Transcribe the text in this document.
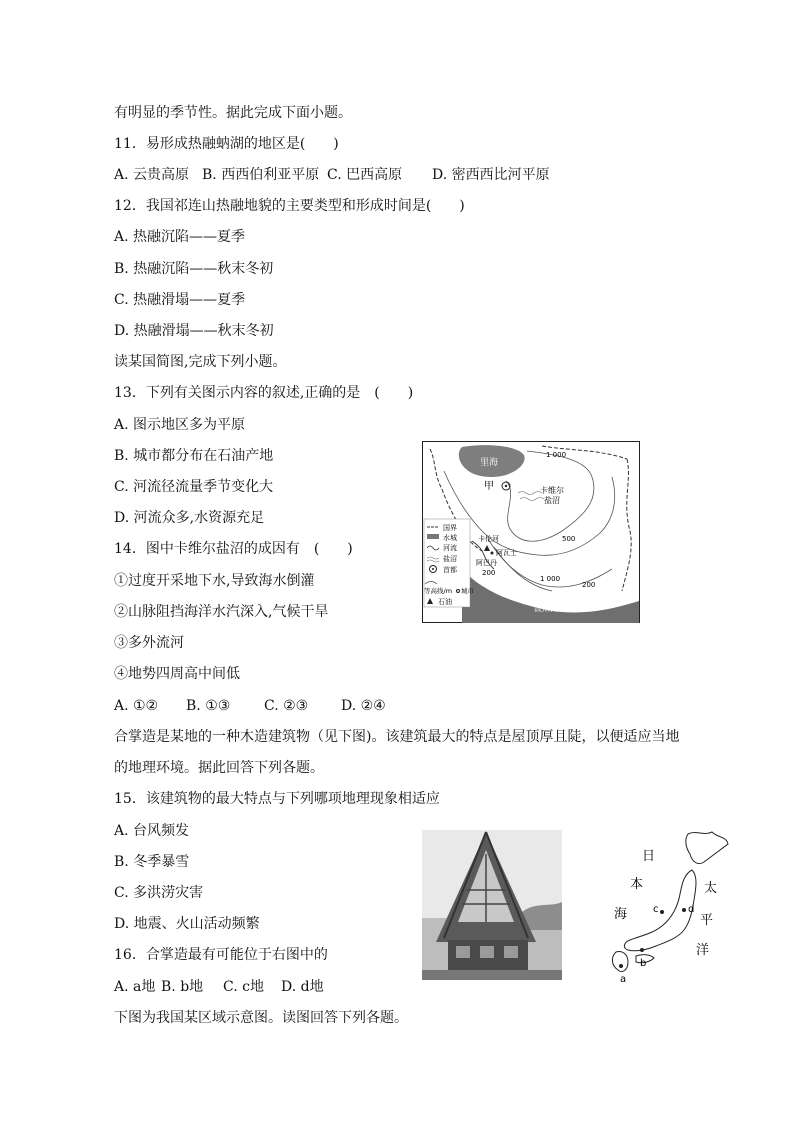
有明显的季节性。据此完成下面小题。
11．易形成热融蚋湖的地区是(　　)
A. 云贵高原 B. 西西伯利亚平原 C. 巴西高原 D. 密西西比河平原
12．我国祁连山热融地貌的主要类型和形成时间是(　　)
A. 热融沉陷——夏季
B. 热融沉陷——秋末冬初
C. 热融滑塌——夏季
D. 热融滑塌——秋末冬初
读某国简图,完成下列小题。
13．下列有关图示内容的叙述,正确的是　(　　)
A. 图示地区多为平原
B. 城市都分布在石油产地
C. 河流径流量季节变化大
D. 河流众多,水资源充足
14．图中卡维尔盐沼的成因有　(　　)
①过度开采地下水,导致海水倒灌
②山脉阻挡海洋水汽深入,气候干旱
③多外流河
④地势四周高中间低
A. ①② B. ①③ C. ②③ D. ②④
合掌造是某地的一种木造建筑物（见下图)。该建筑最大的特点是屋顶厚且陡，以便适应当地
的地理环境。据此回答下列各题。
15．该建筑物的最大特点与下列哪项地理现象相适应
A. 台风频发
B. 冬季暴雪
C. 多洪涝灾害
D. 地震、火山活动频繁
16．合掌造最有可能位于右图中的
A. a地 B. b地 C. c地 D. d地
下图为我国某区域示意图。读图回答下列各题。
里海
1 000
500
1 000
200
200
卡维尔
盐沼
甲
波斯湾
卡伦河
阿瓦士
阿巴丹
国界
水城
河流
盐沼
首都
等高线/m 城市
石油
日
本
海
太
平
洋
a
b
c	d
